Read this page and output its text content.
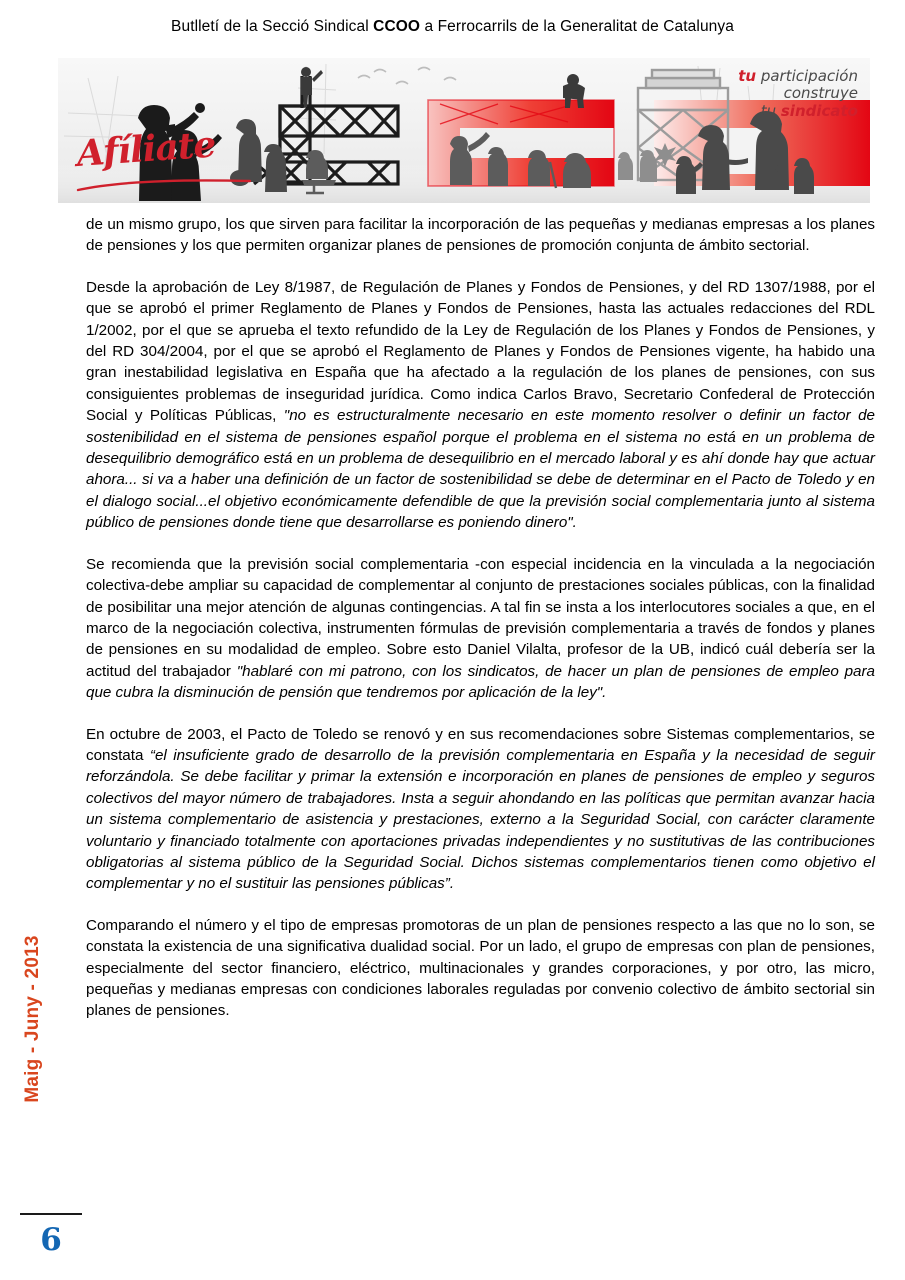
Butlletí de la Secció Sindical CCOO a Ferrocarrils de la Generalitat de Catalunya
Afíliate
tu participación
construye
tu sindicato

de un mismo grupo, los que sirven para facilitar la incorporación de las pequeñas y medianas empresas a los planes de pensiones y los que permiten organizar planes de pensiones de promoción conjunta de ámbito sectorial.

Desde la aprobación de Ley 8/1987, de Regulación de Planes y Fondos de Pensiones, y del RD 1307/1988, por el que se aprobó el primer Reglamento de Planes y Fondos de Pensiones, hasta las actuales redacciones del RDL 1/2002, por el que se aprueba el texto refundido de la Ley de Regulación de los Planes y Fondos de Pensiones, y del RD 304/2004, por el que se aprobó el Reglamento de Planes y Fondos de Pensiones vigente, ha habido una gran inestabilidad legislativa en España que ha afectado a la regulación de los planes de pensiones, con sus consiguientes problemas de inseguridad jurídica. Como indica Carlos Bravo, Secretario Confederal de Protección Social y Políticas Públicas, "no es estructuralmente necesario en este momento resolver o definir un factor de sostenibilidad en el sistema de pensiones español porque el problema en el sistema no está en un problema de desequilibrio demográfico está en un problema de desequilibrio en el mercado laboral y es ahí donde hay que actuar ahora... si va a haber una definición de un factor de sostenibilidad se debe de determinar en el Pacto de Toledo y en el dialogo social...el objetivo económicamente defendible de que la previsión social complementaria junto al sistema público de pensiones donde tiene que desarrollarse es poniendo dinero".

Se recomienda que la previsión social complementaria -con especial incidencia en la vinculada a la negociación colectiva-debe ampliar su capacidad de complementar al conjunto de prestaciones sociales públicas, con la finalidad de posibilitar una mejor atención de algunas contingencias. A tal fin se insta a los interlocutores sociales a que, en el marco de la negociación colectiva, instrumenten fórmulas de previsión complementaria a través de fondos y planes de pensiones en su modalidad de empleo. Sobre esto Daniel Vilalta, profesor de la UB, indicó cuál debería ser la actitud del trabajador "hablaré con mi patrono, con los sindicatos, de hacer un plan de pensiones de empleo para que cubra la disminución de pensión que tendremos por aplicación de la ley".

En octubre de 2003, el Pacto de Toledo se renovó y en sus recomendaciones sobre Sistemas complementarios, se constata “el insuficiente grado de desarrollo de la previsión complementaria en España y la necesidad de seguir reforzándola. Se debe facilitar y primar la extensión e incorporación en planes de pensiones de empleo y seguros colectivos del mayor número de trabajadores. Insta a seguir ahondando en las políticas que permitan avanzar hacia un sistema complementario de asistencia y prestaciones, externo a la Seguridad Social, con carácter claramente voluntario y financiado totalmente con aportaciones privadas independientes y no sustitutivas de las contribuciones obligatorias al sistema público de la Seguridad Social. Dichos sistemas complementarios tienen como objetivo el complementar y no el sustituir las pensiones públicas”.

Comparando el número y el tipo de empresas promotoras de un plan de pensiones respecto a las que no lo son, se constata la existencia de una significativa dualidad social. Por un lado, el grupo de empresas con plan de pensiones, especialmente del sector financiero, eléctrico, multinacionales y grandes corporaciones, y por otro, las micro, pequeñas y medianas empresas con condiciones laborales reguladas por convenio colectivo de ámbito sectorial sin planes de pensiones.

Maig - Juny - 2013
6
